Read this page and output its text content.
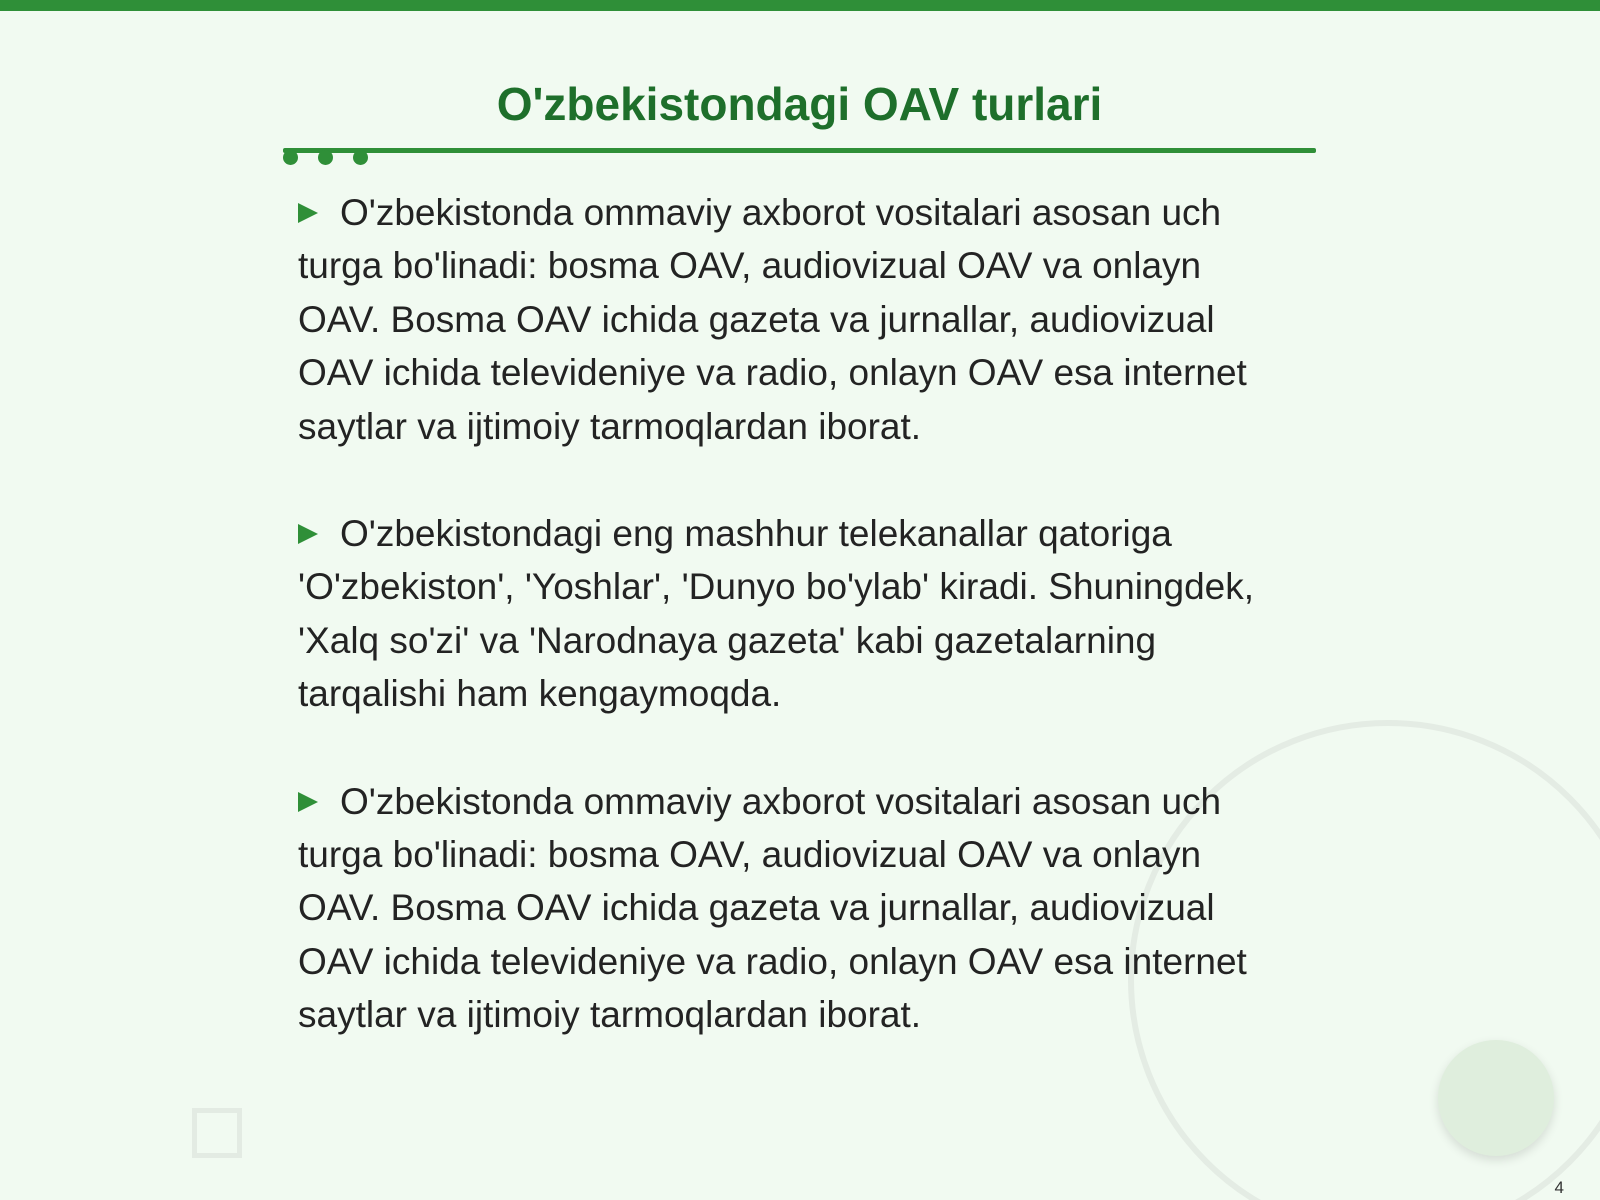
O'zbekistondagi OAV turlari

O'zbekistonda ommaviy axborot vositalari asosan uch turga bo'linadi: bosma OAV, audiovizual OAV va onlayn OAV. Bosma OAV ichida gazeta va jurnallar, audiovizual OAV ichida televideniye va radio, onlayn OAV esa internet saytlar va ijtimoiy tarmoqlardan iborat.

O'zbekistondagi eng mashhur telekanallar qatoriga 'O'zbekiston', 'Yoshlar', 'Dunyo bo'ylab' kiradi. Shuningdek, 'Xalq so'zi' va 'Narodnaya gazeta' kabi gazetalarning tarqalishi ham kengaymoqda.

O'zbekistonda ommaviy axborot vositalari asosan uch turga bo'linadi: bosma OAV, audiovizual OAV va onlayn OAV. Bosma OAV ichida gazeta va jurnallar, audiovizual OAV ichida televideniye va radio, onlayn OAV esa internet saytlar va ijtimoiy tarmoqlardan iborat.

4
